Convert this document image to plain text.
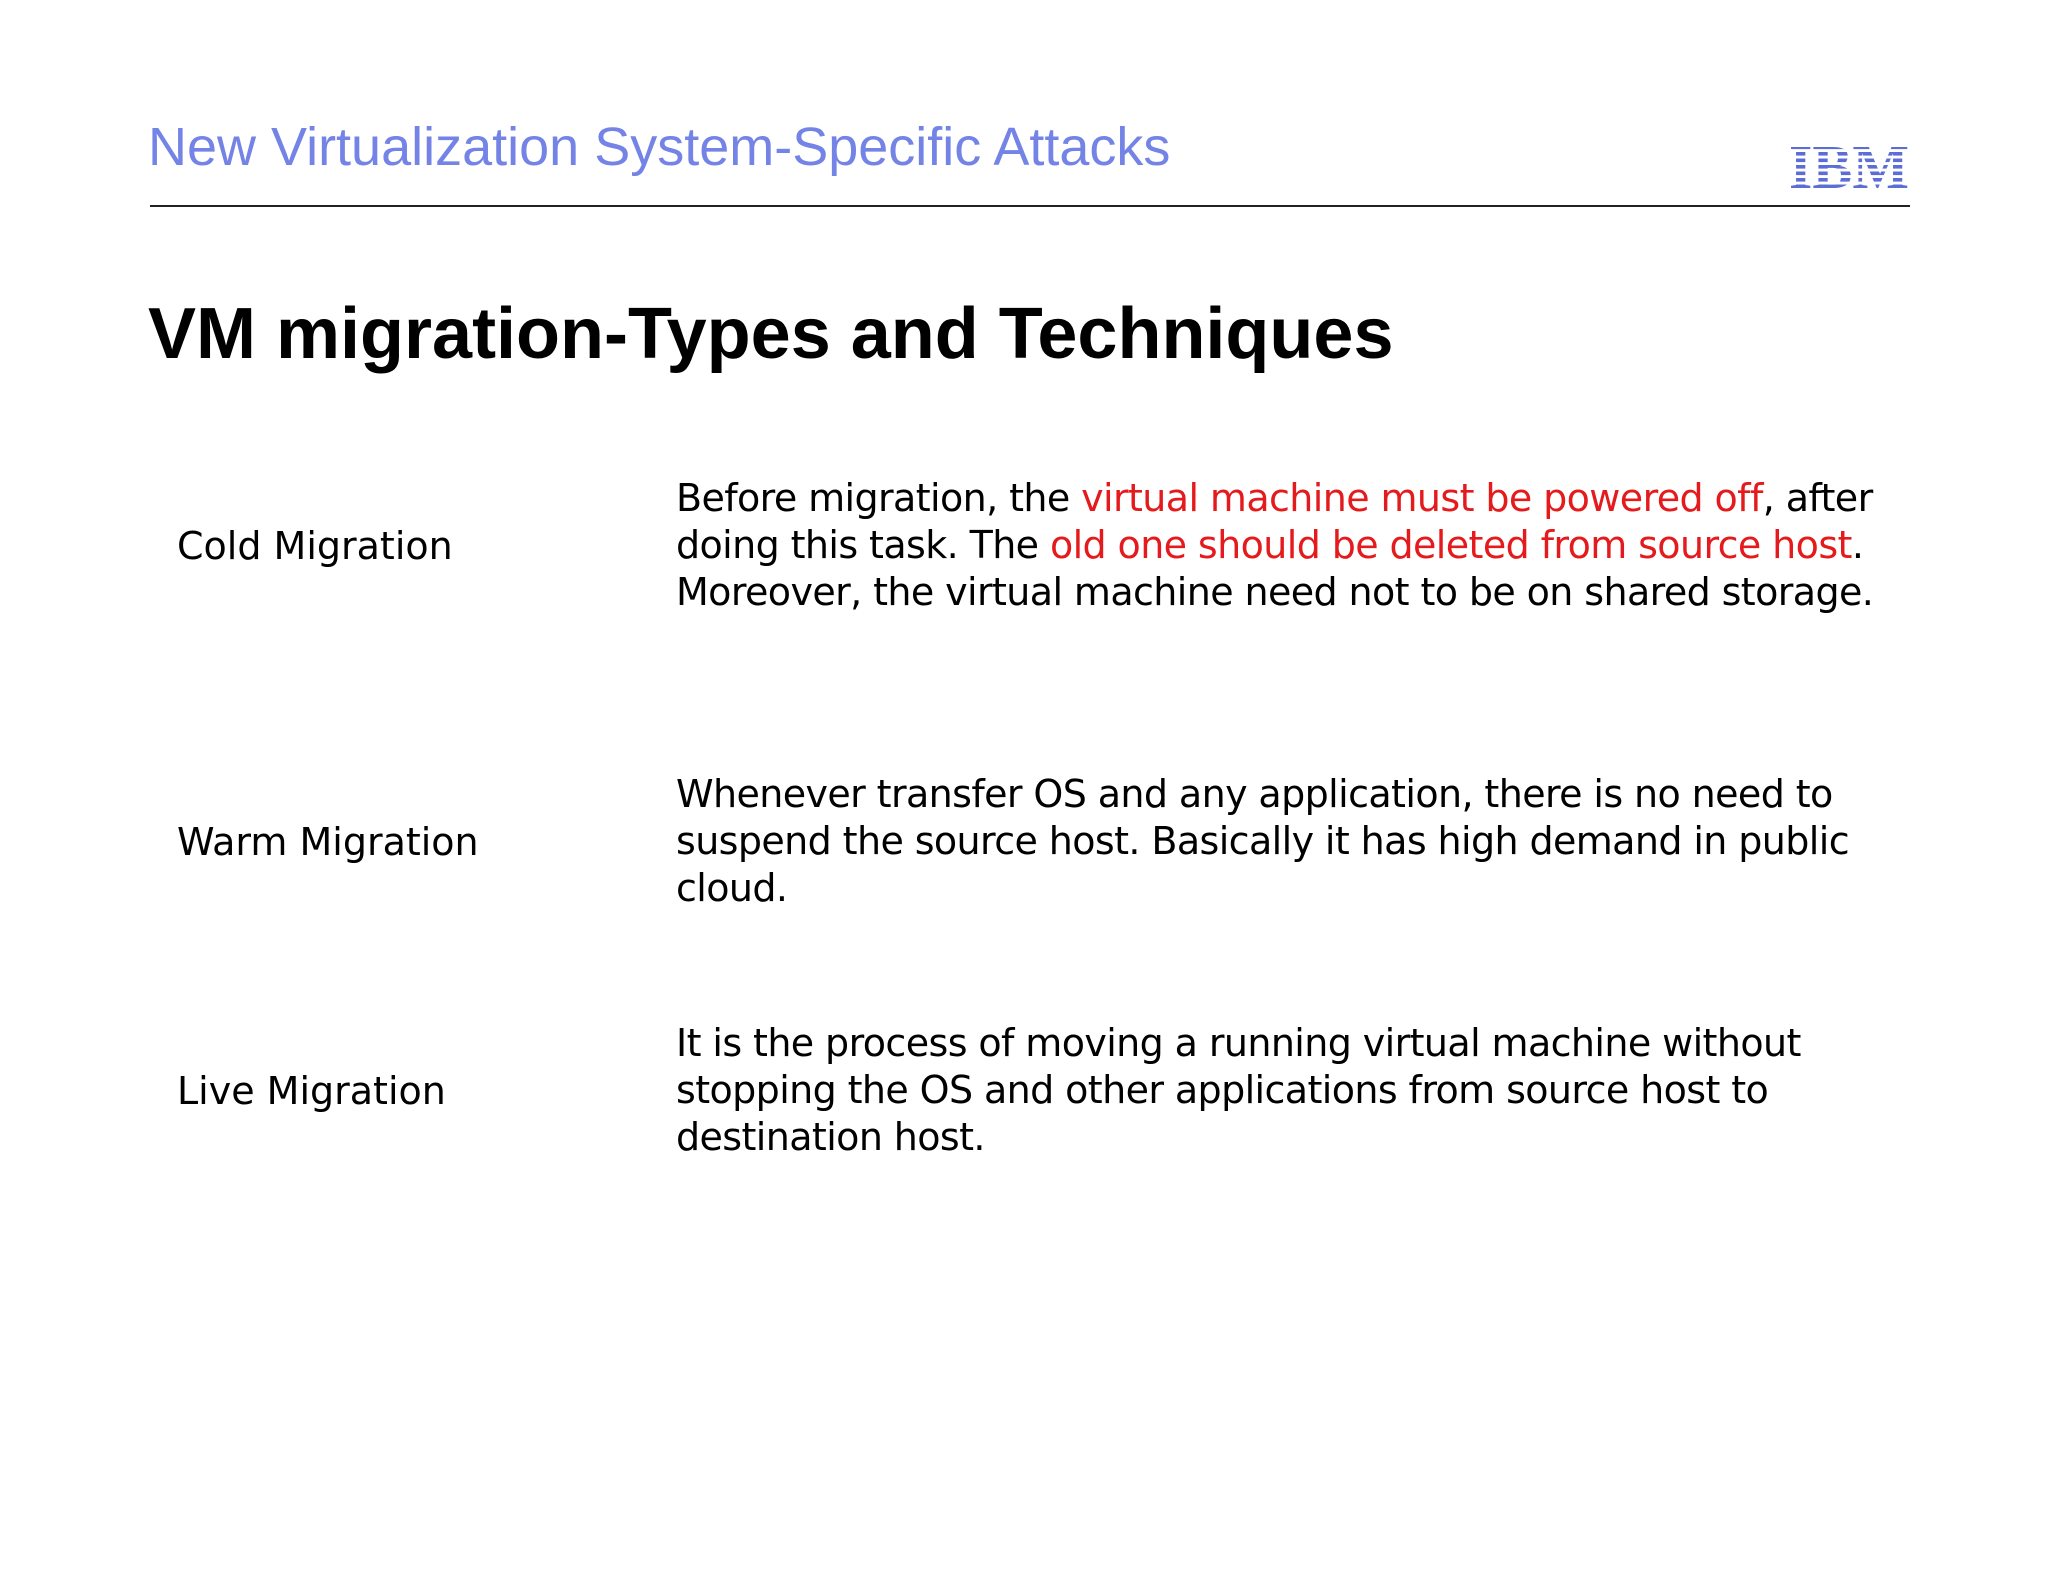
New Virtualization System-Specific Attacks	IBM
VM migration-Types and Techniques
Cold Migration
Before migration, the virtual machine must be powered off, after doing this task. The old one should be deleted from source host. Moreover, the virtual machine need not to be on shared storage.
Warm Migration
Whenever transfer OS and any application, there is no need to suspend the source host. Basically it has high demand in public cloud.
Live Migration
It is the process of moving a running virtual machine without stopping the OS and other applications from source host to destination host.
